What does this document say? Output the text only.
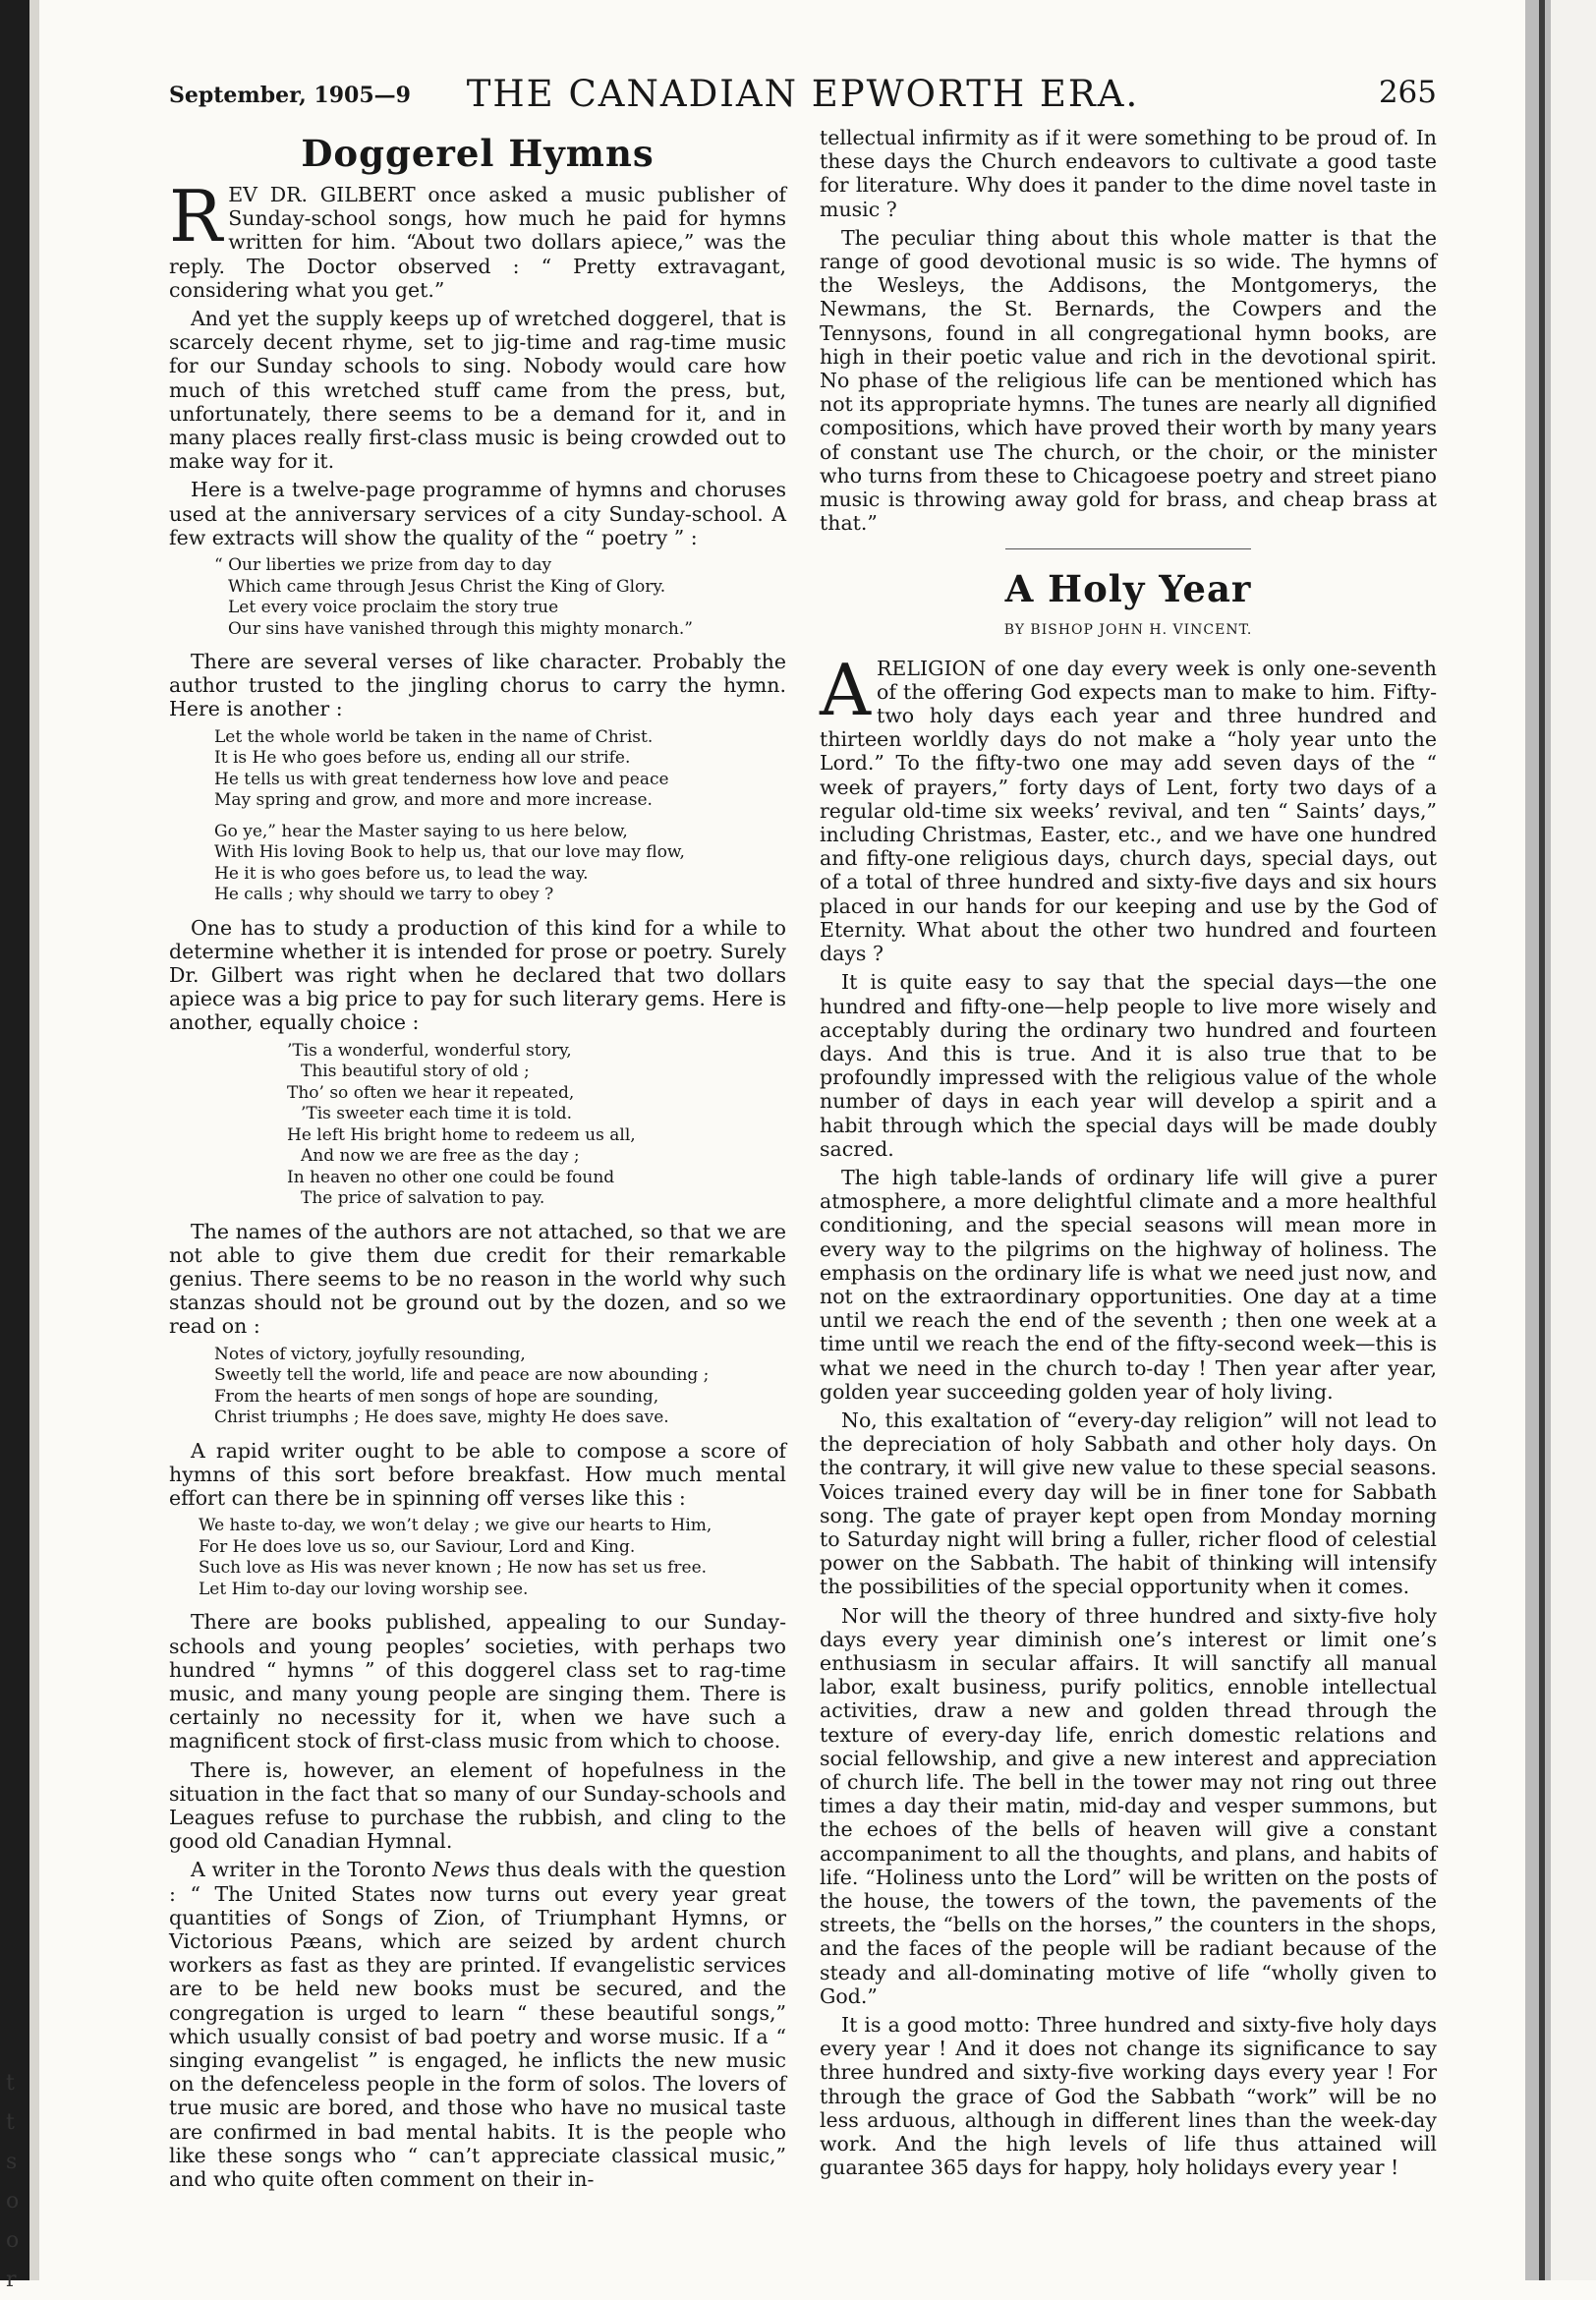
t
t
s
o
o
r
September, 1905—9	THE CANADIAN EPWORTH ERA.	265
Doggerel Hymns

REV DR. GILBERT once asked a music publisher of Sunday-school songs, how much he paid for hymns written for him. “About two dollars apiece,” was the reply. The Doctor observed : “ Pretty extravagant, considering what you get.”

And yet the supply keeps up of wretched doggerel, that is scarcely decent rhyme, set to jig-time and rag-time music for our Sunday schools to sing. Nobody would care how much of this wretched stuff came from the press, but, unfortunately, there seems to be a demand for it, and in many places really first-class music is being crowded out to make way for it.

Here is a twelve-page programme of hymns and choruses used at the anniversary services of a city Sunday-school. A few extracts will show the quality of the “ poetry ” :

“ Our liberties we prize from day to day
Which came through Jesus Christ the King of Glory.
Let every voice proclaim the story true
Our sins have vanished through this mighty monarch.”

There are several verses of like character. Probably the author trusted to the jingling chorus to carry the hymn. Here is another :

Let the whole world be taken in the name of Christ.
It is He who goes before us, ending all our strife.
He tells us with great tenderness how love and peace
May spring and grow, and more and more increase.
Go ye,” hear the Master saying to us here below,
With His loving Book to help us, that our love may flow,
He it is who goes before us, to lead the way.
He calls ; why should we tarry to obey ?

One has to study a production of this kind for a while to determine whether it is intended for prose or poetry. Surely Dr. Gilbert was right when he declared that two dollars apiece was a big price to pay for such literary gems. Here is another, equally choice :

’Tis a wonderful, wonderful story,
This beautiful story of old ;
Tho’ so often we hear it repeated,
’Tis sweeter each time it is told.
He left His bright home to redeem us all,
And now we are free as the day ;
In heaven no other one could be found
The price of salvation to pay.

The names of the authors are not attached, so that we are not able to give them due credit for their remarkable genius. There seems to be no reason in the world why such stanzas should not be ground out by the dozen, and so we read on :

Notes of victory, joyfully resounding,
Sweetly tell the world, life and peace are now abounding ;
From the hearts of men songs of hope are sounding,
Christ triumphs ; He does save, mighty He does save.

A rapid writer ought to be able to compose a score of hymns of this sort before breakfast. How much mental effort can there be in spinning off verses like this :

We haste to-day, we won’t delay ; we give our hearts to Him,
For He does love us so, our Saviour, Lord and King.
Such love as His was never known ; He now has set us free.
Let Him to-day our loving worship see.

There are books published, appealing to our Sunday-schools and young peoples’ societies, with perhaps two hundred “ hymns ” of this doggerel class set to rag-time music, and many young people are singing them. There is certainly no necessity for it, when we have such a magnificent stock of first-class music from which to choose.

There is, however, an element of hopefulness in the situation in the fact that so many of our Sunday-schools and Leagues refuse to purchase the rubbish, and cling to the good old Canadian Hymnal.

A writer in the Toronto News thus deals with the question : “ The United States now turns out every year great quantities of Songs of Zion, of Triumphant Hymns, or Victorious Pæans, which are seized by ardent church workers as fast as they are printed. If evangelistic services are to be held new books must be secured, and the congregation is urged to learn “ these beautiful songs,” which usually consist of bad poetry and worse music. If a “ singing evangelist ” is engaged, he inflicts the new music on the defenceless people in the form of solos. The lovers of true music are bored, and those who have no musical taste are confirmed in bad mental habits. It is the people who like these songs who “ can’t appreciate classical music,” and who quite often comment on their in-

tellectual infirmity as if it were something to be proud of. In these days the Church endeavors to cultivate a good taste for literature. Why does it pander to the dime novel taste in music ?

The peculiar thing about this whole matter is that the range of good devotional music is so wide. The hymns of the Wesleys, the Addisons, the Montgomerys, the Newmans, the St. Bernards, the Cowpers and the Tennysons, found in all congregational hymn books, are high in their poetic value and rich in the devotional spirit. No phase of the religious life can be mentioned which has not its appropriate hymns. The tunes are nearly all dignified compositions, which have proved their worth by many years of constant use The church, or the choir, or the minister who turns from these to Chicagoese poetry and street piano music is throwing away gold for brass, and cheap brass at that.”

A Holy Year
BY BISHOP JOHN H. VINCENT.

ARELIGION of one day every week is only one-seventh of the offering God expects man to make to him. Fifty-two holy days each year and three hundred and thirteen worldly days do not make a “holy year unto the Lord.” To the fifty-two one may add seven days of the “ week of prayers,” forty days of Lent, forty two days of a regular old-time six weeks’ revival, and ten “ Saints’ days,” including Christmas, Easter, etc., and we have one hundred and fifty-one religious days, church days, special days, out of a total of three hundred and sixty-five days and six hours placed in our hands for our keeping and use by the God of Eternity. What about the other two hundred and fourteen days ?

It is quite easy to say that the special days—the one hundred and fifty-one—help people to live more wisely and acceptably during the ordinary two hundred and fourteen days. And this is true. And it is also true that to be profoundly impressed with the religious value of the whole number of days in each year will develop a spirit and a habit through which the special days will be made doubly sacred.

The high table-lands of ordinary life will give a purer atmosphere, a more delightful climate and a more healthful conditioning, and the special seasons will mean more in every way to the pilgrims on the highway of holiness. The emphasis on the ordinary life is what we need just now, and not on the extraordinary opportunities. One day at a time until we reach the end of the seventh ; then one week at a time until we reach the end of the fifty-second week—this is what we need in the church to-day ! Then year after year, golden year succeeding golden year of holy living.

No, this exaltation of “every-day religion” will not lead to the depreciation of holy Sabbath and other holy days. On the contrary, it will give new value to these special seasons. Voices trained every day will be in finer tone for Sabbath song. The gate of prayer kept open from Monday morning to Saturday night will bring a fuller, richer flood of celestial power on the Sabbath. The habit of thinking will intensify the possibilities of the special opportunity when it comes.

Nor will the theory of three hundred and sixty-five holy days every year diminish one’s interest or limit one’s enthusiasm in secular affairs. It will sanctify all manual labor, exalt business, purify politics, ennoble intellectual activities, draw a new and golden thread through the texture of every-day life, enrich domestic relations and social fellowship, and give a new interest and appreciation of church life. The bell in the tower may not ring out three times a day their matin, mid-day and vesper summons, but the echoes of the bells of heaven will give a constant accompaniment to all the thoughts, and plans, and habits of life. “Holiness unto the Lord” will be written on the posts of the house, the towers of the town, the pavements of the streets, the “bells on the horses,” the counters in the shops, and the faces of the people will be radiant because of the steady and all-dominating motive of life “wholly given to God.”

It is a good motto: Three hundred and sixty-five holy days every year ! And it does not change its significance to say three hundred and sixty-five working days every year ! For through the grace of God the Sabbath “work” will be no less arduous, although in different lines than the week-day work. And the high levels of life thus attained will guarantee 365 days for happy, holy holidays every year !
